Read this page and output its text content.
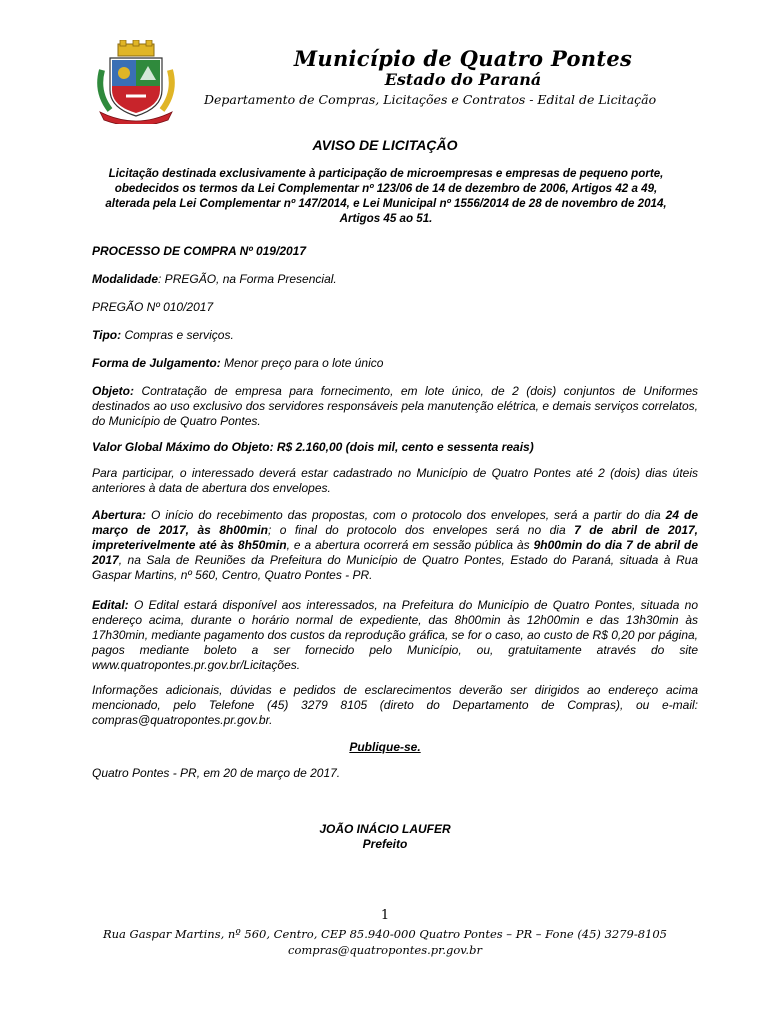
Município de Quatro Pontes
Estado do Paraná
Departamento de Compras, Licitações e Contratos - Edital de Licitação
AVISO DE LICITAÇÃO

Licitação destinada exclusivamente à participação de microempresas e empresas de pequeno porte, obedecidos os termos da Lei Complementar nº 123/06 de 14 de dezembro de 2006, Artigos 42 a 49, alterada pela Lei Complementar nº 147/2014, e Lei Municipal nº 1556/2014 de 28 de novembro de 2014, Artigos 45 ao 51.

PROCESSO DE COMPRA Nº 019/2017

Modalidade: PREGÃO, na Forma Presencial.

PREGÃO Nº 010/2017

Tipo: Compras e serviços.

Forma de Julgamento: Menor preço para o lote único

Objeto: Contratação de empresa para fornecimento, em lote único, de 2 (dois) conjuntos de Uniformes destinados ao uso exclusivo dos servidores responsáveis pela manutenção elétrica, e demais serviços correlatos, do Município de Quatro Pontes.

Valor Global Máximo do Objeto: R$ 2.160,00 (dois mil, cento e sessenta reais)

Para participar, o interessado deverá estar cadastrado no Município de Quatro Pontes até 2 (dois) dias úteis anteriores à data de abertura dos envelopes.

Abertura: O início do recebimento das propostas, com o protocolo dos envelopes, será a partir do dia 24 de março de 2017, às 8h00min; o final do protocolo dos envelopes será no dia 7 de abril de 2017, impreterivelmente até às 8h50min, e a abertura ocorrerá em sessão pública às 9h00min do dia 7 de abril de 2017, na Sala de Reuniões da Prefeitura do Município de Quatro Pontes, Estado do Paraná, situada à Rua Gaspar Martins, nº 560, Centro, Quatro Pontes - PR.

Edital: O Edital estará disponível aos interessados, na Prefeitura do Município de Quatro Pontes, situada no endereço acima, durante o horário normal de expediente, das 8h00min às 12h00min e das 13h30min às 17h30min, mediante pagamento dos custos da reprodução gráfica, se for o caso, ao custo de R$ 0,20 por página, pagos mediante boleto a ser fornecido pelo Município, ou, gratuitamente através do site www.quatropontes.pr.gov.br/Licitações.

Informações adicionais, dúvidas e pedidos de esclarecimentos deverão ser dirigidos ao endereço acima mencionado, pelo Telefone (45) 3279 8105 (direto do Departamento de Compras), ou e-mail: compras@quatropontes.pr.gov.br.

Publique-se.

Quatro Pontes - PR, em 20 de março de 2017.

JOÃO INÁCIO LAUFER
Prefeito
1
Rua Gaspar Martins, nº 560, Centro, CEP 85.940-000 Quatro Pontes – PR – Fone (45) 3279-8105
compras@quatropontes.pr.gov.br
